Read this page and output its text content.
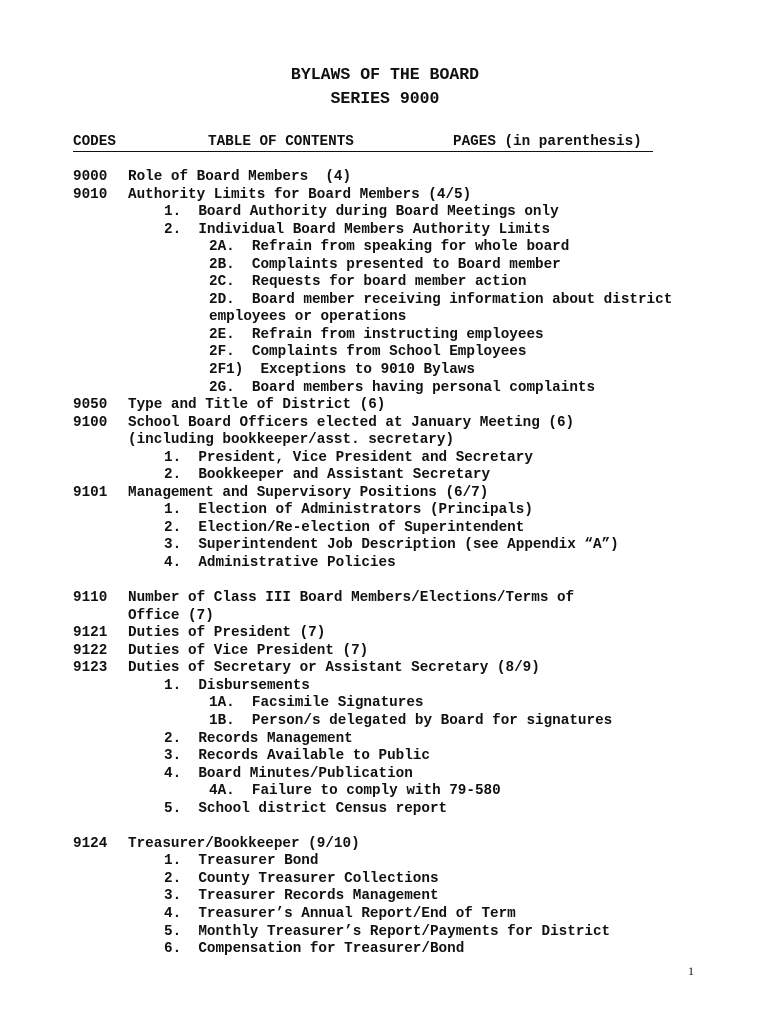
BYLAWS OF THE BOARD
SERIES 9000
CODES	TABLE OF CONTENTS	PAGES (in parenthesis)
9000 Role of Board Members  (4)
9010 Authority Limits for Board Members (4/5)
1.  Board Authority during Board Meetings only
2.  Individual Board Members Authority Limits
2A.  Refrain from speaking for whole board
2B.  Complaints presented to Board member
2C.  Requests for board member action
2D.  Board member receiving information about district
employees or operations
2E.  Refrain from instructing employees
2F.  Complaints from School Employees
2F1)  Exceptions to 9010 Bylaws
2G.  Board members having personal complaints
9050 Type and Title of District (6)
9100 School Board Officers elected at January Meeting (6)
(including bookkeeper/asst. secretary)
1.  President, Vice President and Secretary
2.  Bookkeeper and Assistant Secretary
9101 Management and Supervisory Positions (6/7)
1.  Election of Administrators (Principals)
2.  Election/Re-election of Superintendent
3.  Superintendent Job Description (see Appendix “A”)
4.  Administrative Policies
9110 Number of Class III Board Members/Elections/Terms of
Office (7)
9121 Duties of President (7)
9122 Duties of Vice President (7)
9123 Duties of Secretary or Assistant Secretary (8/9)
1.  Disbursements
1A.  Facsimile Signatures
1B.  Person/s delegated by Board for signatures
2.  Records Management
3.  Records Available to Public
4.  Board Minutes/Publication
4A.  Failure to comply with 79-580
5.  School district Census report
9124 Treasurer/Bookkeeper (9/10)
1.  Treasurer Bond
2.  County Treasurer Collections
3.  Treasurer Records Management
4.  Treasurer’s Annual Report/End of Term
5.  Monthly Treasurer’s Report/Payments for District
6.  Compensation for Treasurer/Bond
1
